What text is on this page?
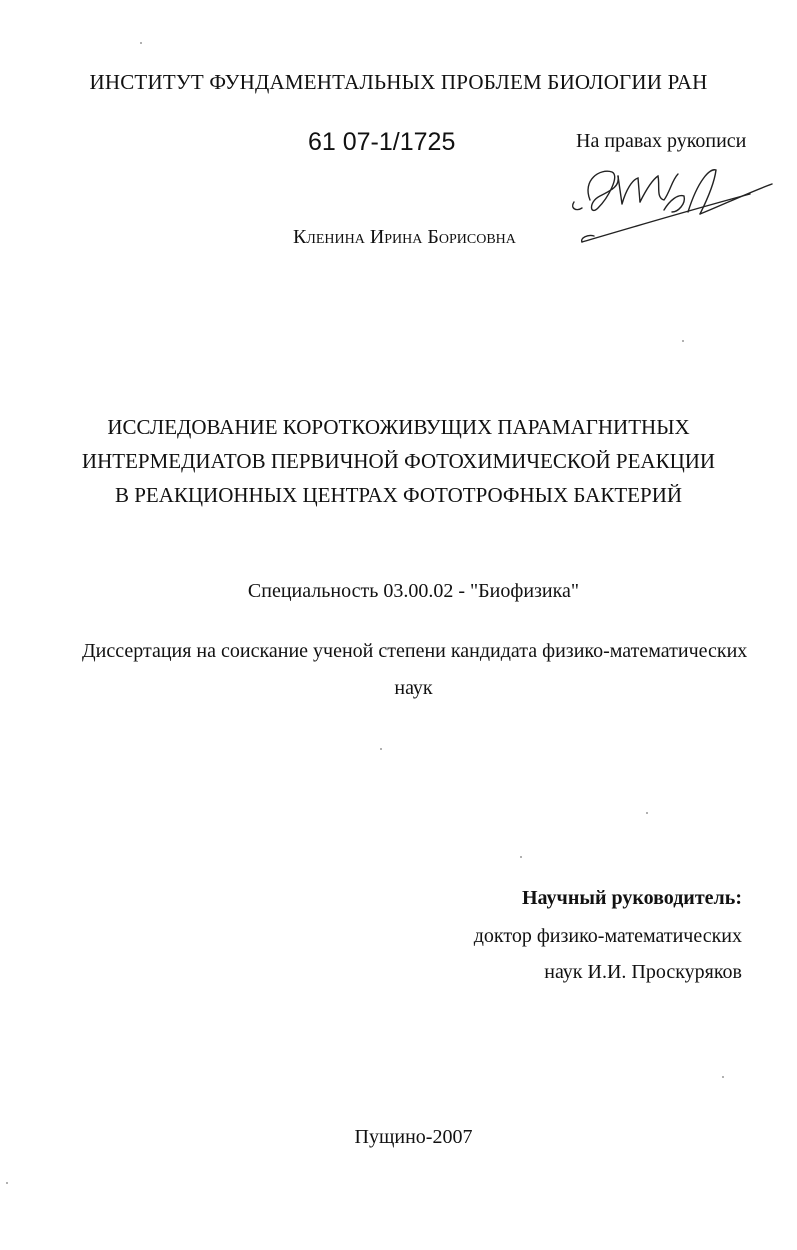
ИНСТИТУТ ФУНДАМЕНТАЛЬНЫХ ПРОБЛЕМ БИОЛОГИИ РАН
61 07-1/1725	На правах рукописи
Кленина Ирина Борисовна
ИССЛЕДОВАНИЕ КОРОТКОЖИВУЩИХ ПАРАМАГНИТНЫХ
ИНТЕРМЕДИАТОВ ПЕРВИЧНОЙ ФОТОХИМИЧЕСКОЙ РЕАКЦИИ
В РЕАКЦИОННЫХ ЦЕНТРАХ ФОТОТРОФНЫХ БАКТЕРИЙ
Специальность 03.00.02 - "Биофизика"
Диссертация на соискание ученой степени кандидата физико-математических
наук
Научный руководитель:
доктор физико-математических
наук И.И. Проскуряков
Пущино-2007
